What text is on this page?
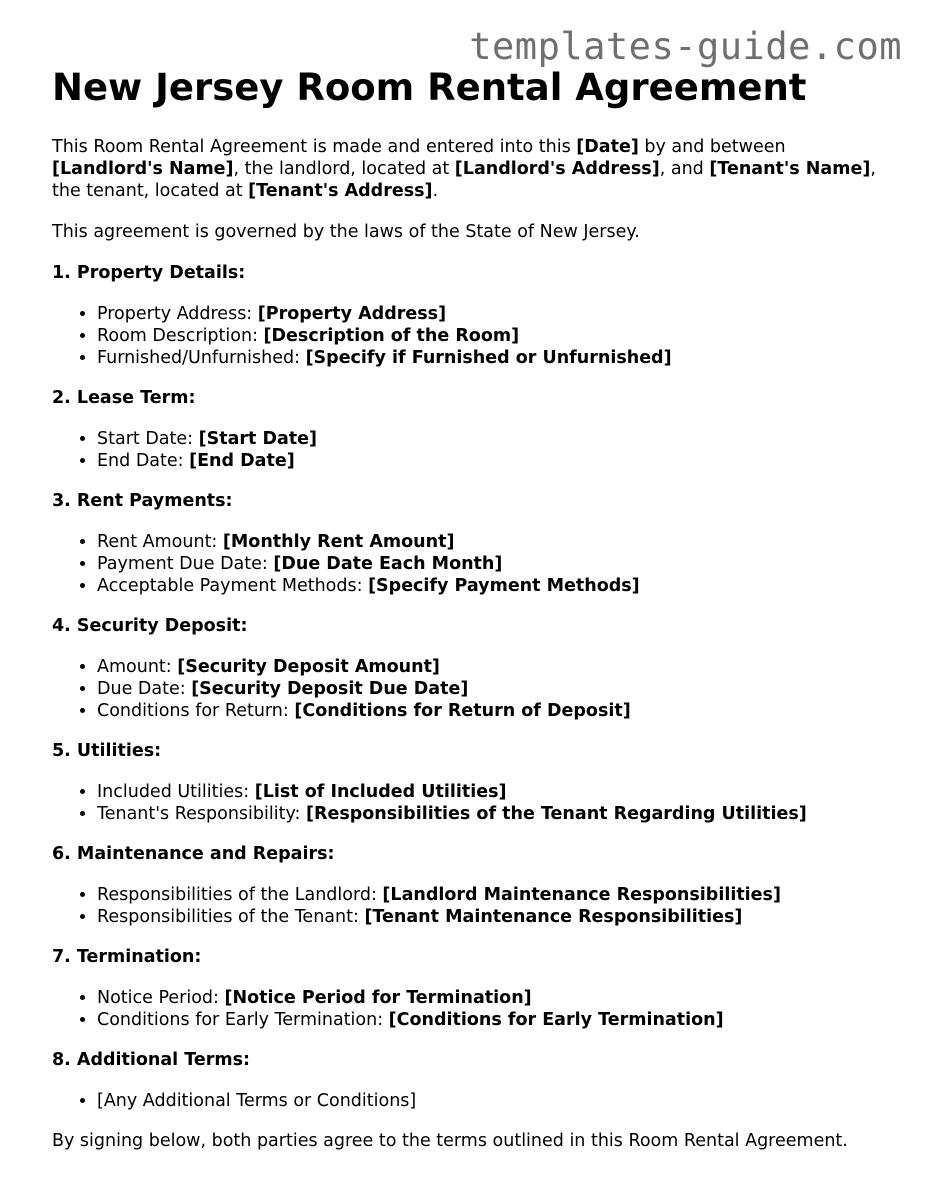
templates-guide.com
New Jersey Room Rental Agreement

This Room Rental Agreement is made and entered into this [Date] by and between [Landlord's Name], the landlord, located at [Landlord's Address], and [Tenant's Name], the tenant, located at [Tenant's Address].

This agreement is governed by the laws of the State of New Jersey.

1. Property Details:
• Property Address: [Property Address]
• Room Description: [Description of the Room]
• Furnished/Unfurnished: [Specify if Furnished or Unfurnished]
2. Lease Term:
• Start Date: [Start Date]
• End Date: [End Date]
3. Rent Payments:
• Rent Amount: [Monthly Rent Amount]
• Payment Due Date: [Due Date Each Month]
• Acceptable Payment Methods: [Specify Payment Methods]
4. Security Deposit:
• Amount: [Security Deposit Amount]
• Due Date: [Security Deposit Due Date]
• Conditions for Return: [Conditions for Return of Deposit]
5. Utilities:
• Included Utilities: [List of Included Utilities]
• Tenant's Responsibility: [Responsibilities of the Tenant Regarding Utilities]
6. Maintenance and Repairs:
• Responsibilities of the Landlord: [Landlord Maintenance Responsibilities]
• Responsibilities of the Tenant: [Tenant Maintenance Responsibilities]
7. Termination:
• Notice Period: [Notice Period for Termination]
• Conditions for Early Termination: [Conditions for Early Termination]
8. Additional Terms:
• [Any Additional Terms or Conditions]

By signing below, both parties agree to the terms outlined in this Room Rental Agreement.
